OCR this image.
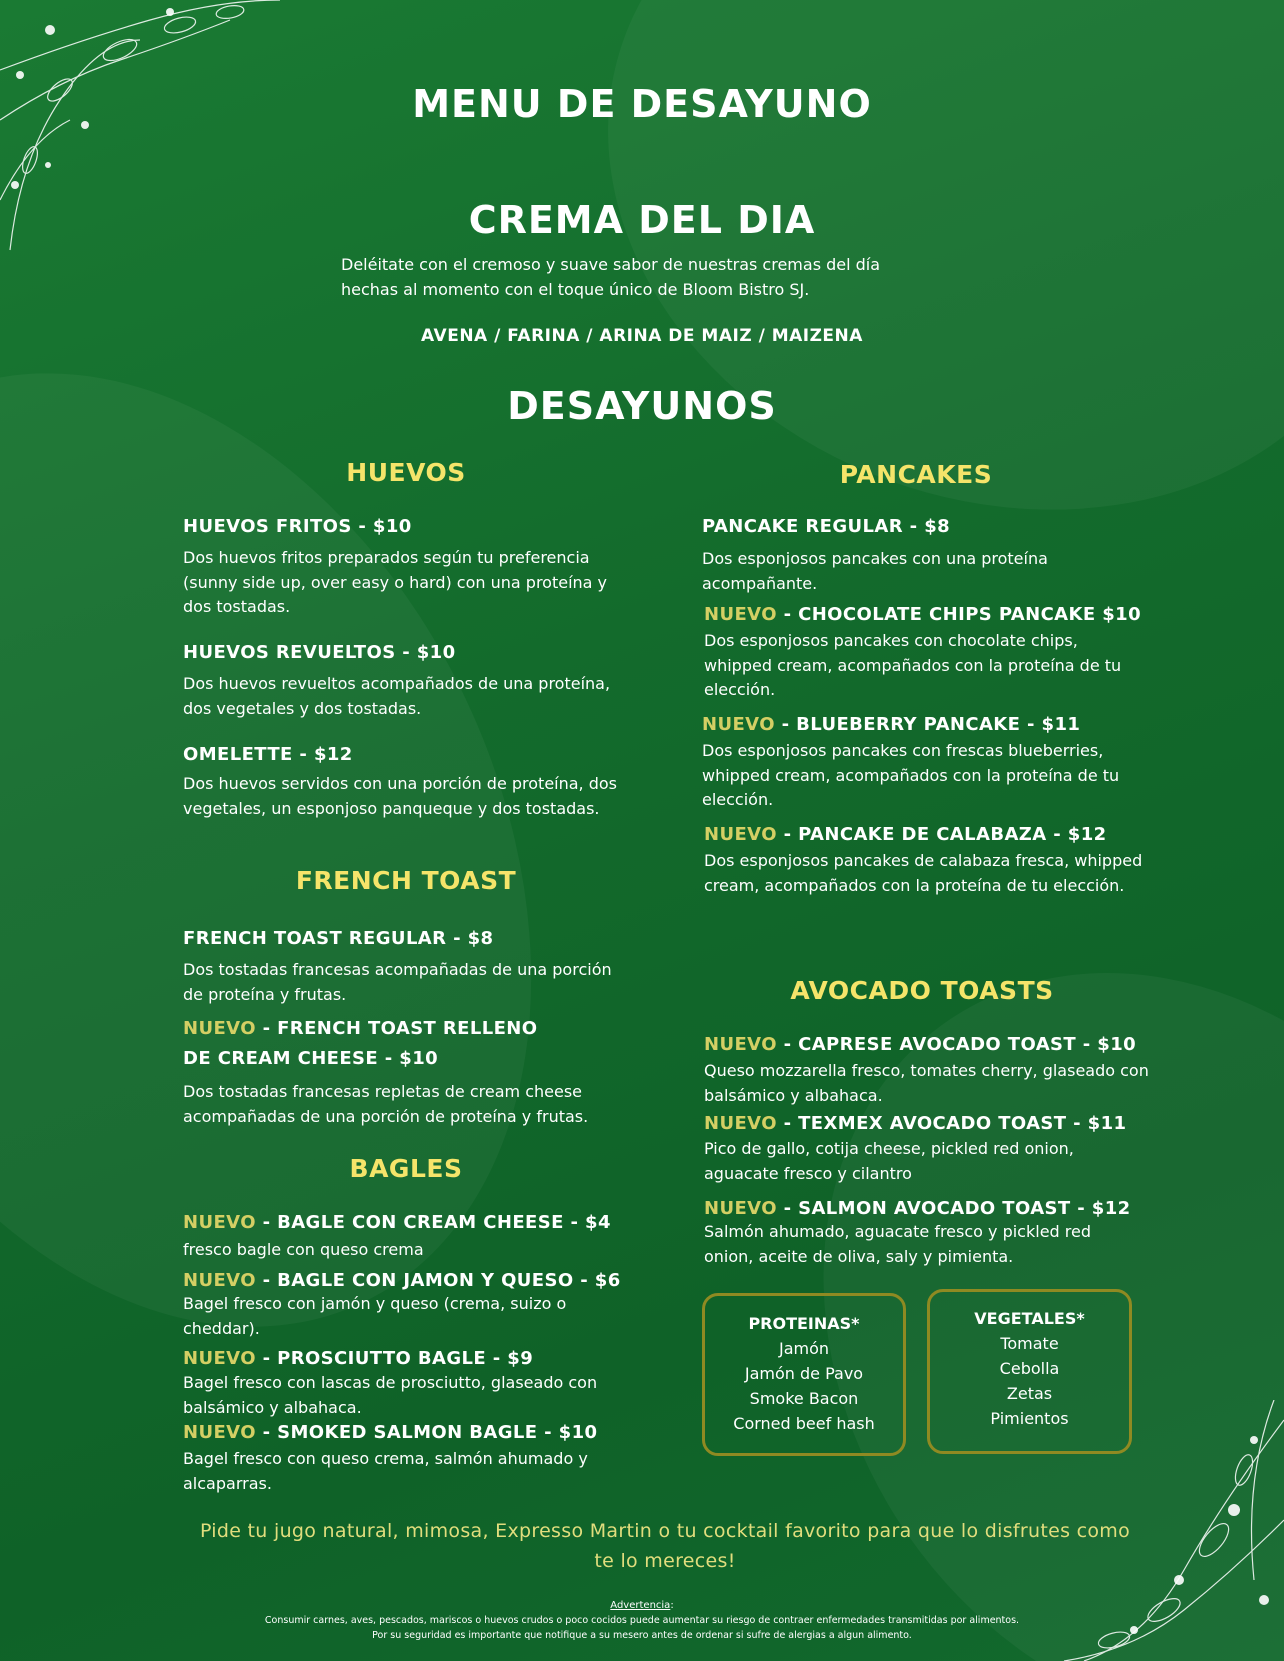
MENU DE DESAYUNO
CREMA DEL DIA
Deléitate con el cremoso y suave sabor de nuestras cremas del día
hechas al momento con el toque único de Bloom Bistro SJ.
AVENA / FARINA / ARINA DE MAIZ / MAIZENA
DESAYUNOS
HUEVOS
HUEVOS FRITOS - $10
Dos huevos fritos preparados según tu preferencia (sunny side up, over easy o hard) con una proteína y dos tostadas.
HUEVOS REVUELTOS - $10
Dos huevos revueltos acompañados de una proteína, dos vegetales y dos tostadas.
OMELETTE - $12
Dos huevos servidos con una porción de proteína, dos vegetales, un esponjoso panqueque y dos tostadas.
FRENCH TOAST
FRENCH TOAST REGULAR - $8
Dos tostadas francesas acompañadas de una porción de proteína y frutas.
NUEVO - FRENCH TOAST RELLENO
DE CREAM CHEESE - $10
Dos tostadas francesas repletas de cream cheese acompañadas de una porción de proteína y frutas.
BAGLES
NUEVO - BAGLE CON CREAM CHEESE - $4
fresco bagle con queso crema
NUEVO - BAGLE CON JAMON Y QUESO - $6
Bagel fresco con jamón y queso (crema, suizo o cheddar).
NUEVO - PROSCIUTTO BAGLE - $9
Bagel fresco con lascas de prosciutto, glaseado con balsámico y albahaca.
NUEVO - SMOKED SALMON BAGLE - $10
Bagel fresco con queso crema, salmón ahumado y alcaparras.
PANCAKES
PANCAKE REGULAR - $8
Dos esponjosos pancakes con una proteína acompañante.
NUEVO - CHOCOLATE CHIPS PANCAKE $10
Dos esponjosos pancakes con chocolate chips, whipped cream, acompañados con la proteína de tu elección.
NUEVO - BLUEBERRY PANCAKE - $11
Dos esponjosos pancakes con frescas blueberries, whipped cream, acompañados con la proteína de tu elección.
NUEVO - PANCAKE DE CALABAZA - $12
Dos esponjosos pancakes de calabaza fresca, whipped cream, acompañados con la proteína de tu elección.
AVOCADO TOASTS
NUEVO - CAPRESE AVOCADO TOAST - $10
Queso mozzarella fresco, tomates cherry, glaseado con balsámico y albahaca.
NUEVO - TEXMEX AVOCADO TOAST - $11
Pico de gallo, cotija cheese, pickled red onion, aguacate fresco y cilantro
NUEVO - SALMON AVOCADO TOAST - $12
Salmón ahumado, aguacate fresco y pickled red onion, aceite de oliva, saly y pimienta.
PROTEINAS*
Jamón
Jamón de Pavo
Smoke Bacon
Corned beef hash
VEGETALES*
Tomate
Cebolla
Zetas
Pimientos
Pide tu jugo natural, mimosa, Expresso Martin o tu cocktail favorito para que lo disfrutes como
te lo mereces!
Advertencia:
Consumir carnes, aves, pescados, mariscos o huevos crudos o poco cocidos puede aumentar su riesgo de contraer enfermedades transmitidas por alimentos.
Por su seguridad es importante que notifique a su mesero antes de ordenar si sufre de alergias a algun alimento.
